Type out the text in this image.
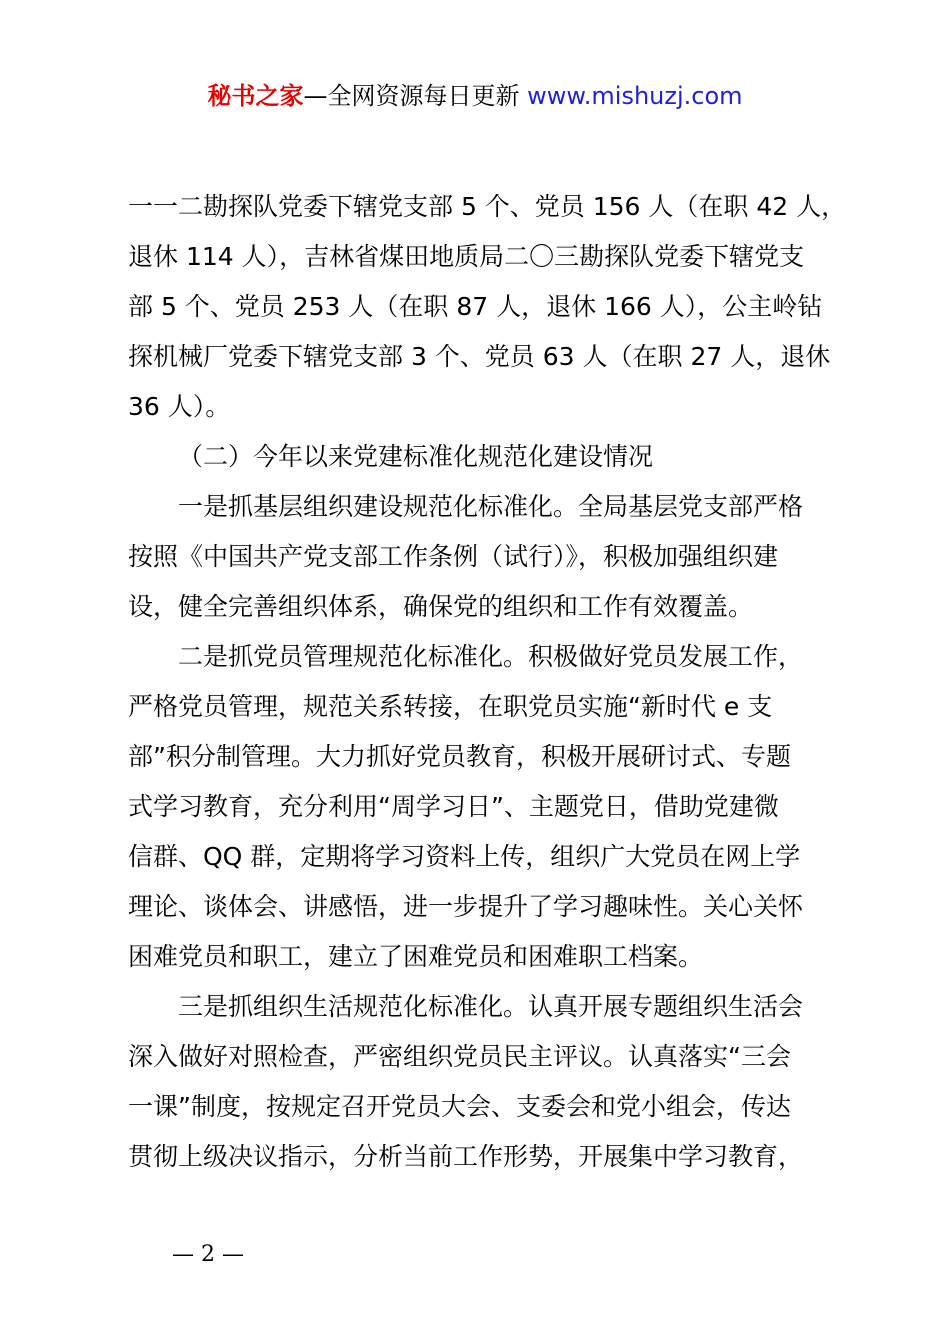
秘书之家—全网资源每日更新 www.mishuzj.com

一一二勘探队党委下辖党支部 5 个、党员 156 人（在职 42 人，

退休 114 人），吉林省煤田地质局二〇三勘探队党委下辖党支

部 5 个、党员 253 人（在职 87 人，退休 166 人），公主岭钻

探机械厂党委下辖党支部 3 个、党员 63 人（在职 27 人，退休

36 人）。

（二）今年以来党建标准化规范化建设情况

一是抓基层组织建设规范化标准化。全局基层党支部严格

按照《中国共产党支部工作条例（试行）》，积极加强组织建

设，健全完善组织体系，确保党的组织和工作有效覆盖。

二是抓党员管理规范化标准化。积极做好党员发展工作，

严格党员管理，规范关系转接，在职党员实施“新时代 e 支

部”积分制管理。大力抓好党员教育，积极开展研讨式、专题

式学习教育，充分利用“周学习日”、主题党日，借助党建微

信群、QQ 群，定期将学习资料上传，组织广大党员在网上学

理论、谈体会、讲感悟，进一步提升了学习趣味性。关心关怀

困难党员和职工，建立了困难党员和困难职工档案。

三是抓组织生活规范化标准化。认真开展专题组织生活会

深入做好对照检查，严密组织党员民主评议。认真落实“三会

一课”制度，按规定召开党员大会、支委会和党小组会，传达

贯彻上级决议指示，分析当前工作形势，开展集中学习教育，

— 2 —
